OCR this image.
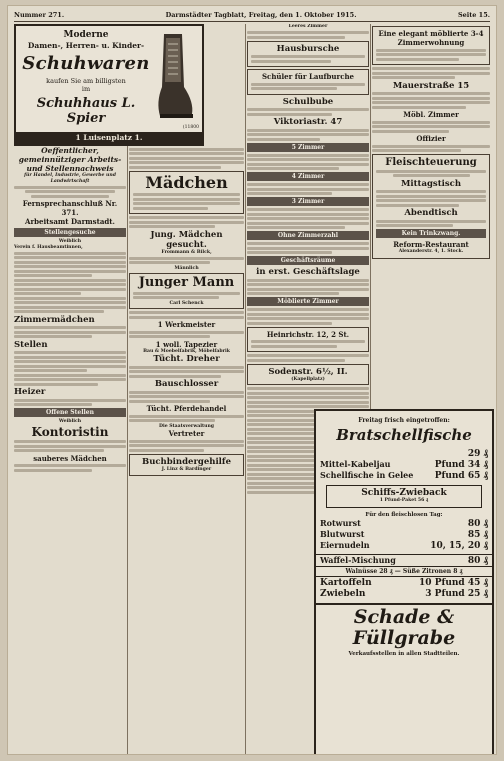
Nummer 271.	Darmstädter Tagblatt, Freitag, den 1. Oktober 1915.	Seite 15.
Moderne
Damen-, Herren- u. Kinder-
Schuhwaren
kaufen Sie am billigsten
im
Schuhhaus L. Spier
1 Luisenplatz 1.
(11800
Oeffentlicher, gemeinnütziger Arbeits- und Stellennachweis
für Handel, Industrie, Gewerbe und Landwirtschaft
Fernsprechanschluß Nr. 371.
Arbeitsamt Darmstadt.
Stellengesuche
Weiblich
Verein f. Hausbeamtinnen,
Zimmermädchen
Stellen
Heizer
Offene Stellen
Weiblich
Kontoristin
sauberes Mädchen
Mädchen
Jung. Mädchen gesucht.
Frommann & Bilck,
Männlich
Junger Mann
Carl Schenck
1 Werkmeister
1 woll. Tapezier
Bau & Moebelfabrik, Möbelfabrik
Tücht. Dreher
Bauschlosser
Tücht. Pferdehandel
Die Staatsverwaltung
Vertreter
Buchbindergehilfe
J. Linz & Bardinger
Leeres Zimmer
Hausbursche
Schüler für Laufburche
Schulbube
Viktoriastr. 47
5 Zimmer
4 Zimmer
3 Zimmer
Ohne Zimmerzahl
Geschäftsräume
in erst. Geschäftslage
Möblierte Zimmer
Heinrichstr. 12, 2 St.
Sodenstr. 6½, II.
(Kapellplatz)
Eine elegant möblierte 3-4 Zimmerwohnung
Mauerstraße 15
Möbl. Zimmer
Offizier
Fleischteuerung
Mittagstisch
Abendtisch
Kein Trinkzwang.
Reform-Restaurant
Alexanderstr. 4, 1. Stock.
Freitag frisch eingetroffen:
Bratschellfische
29 ₰
Mittel-Kabeljau	Pfund 34 ₰
Schellfische in Gelee Pfund 65 ₰
Schiffs-Zwieback
1 Pfund-Paket 56 ₰
Für den fleischlosen Tag:
Rotwurst	80 ₰
Blutwurst	85 ₰
Eiernudeln	10, 15, 20 ₰
Waffel-Mischung	80 ₰
Walnüsse 28 ₰ — Süße Zitronen 8 ₰
Kartoffeln	10 Pfund 45 ₰
Zwiebeln	3 Pfund 25 ₰
Schade &
Füllgrabe
Verkaufsstellen in allen Stadtteilen.
